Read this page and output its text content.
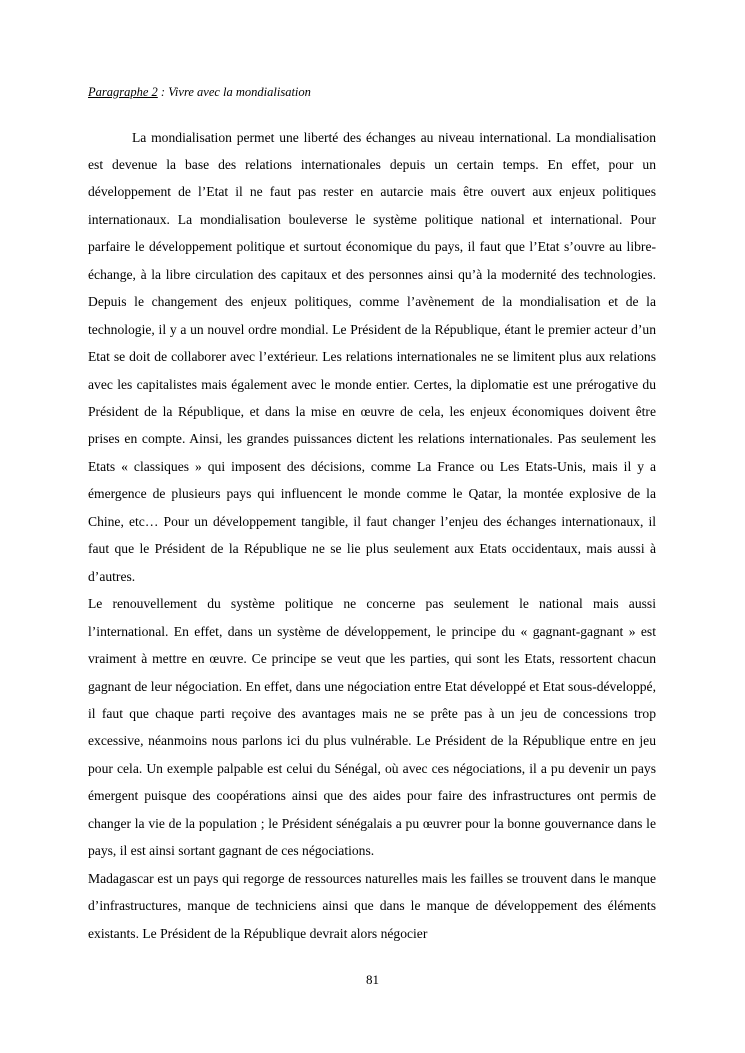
Paragraphe 2 : Vivre avec la mondialisation

La mondialisation permet une liberté des échanges au niveau international. La mondialisation est devenue la base des relations internationales depuis un certain temps. En effet, pour un développement de l’Etat il ne faut pas rester en autarcie mais être ouvert aux enjeux politiques internationaux. La mondialisation bouleverse le système politique national et international. Pour parfaire le développement politique et surtout économique du pays, il faut que l’Etat s’ouvre au libre-échange, à la libre circulation des capitaux et des personnes ainsi qu’à la modernité des technologies. Depuis le changement des enjeux politiques, comme l’avènement de la mondialisation et de la technologie, il y a un nouvel ordre mondial. Le Président de la République, étant le premier acteur d’un Etat se doit de collaborer avec l’extérieur. Les relations internationales ne se limitent plus aux relations avec les capitalistes mais également avec le monde entier. Certes, la diplomatie est une prérogative du Président de la République, et dans la mise en œuvre de cela, les enjeux économiques doivent être prises en compte. Ainsi, les grandes puissances dictent les relations internationales. Pas seulement les Etats « classiques » qui imposent des décisions, comme La France ou Les Etats-Unis, mais il y a émergence de plusieurs pays qui influencent le monde comme le Qatar, la montée explosive de la Chine, etc… Pour un développement tangible, il faut changer l’enjeu des échanges internationaux, il faut que le Président de la République ne se lie plus seulement aux Etats occidentaux, mais aussi à d’autres.

Le renouvellement du système politique ne concerne pas seulement le national mais aussi l’international. En effet, dans un système de développement, le principe du « gagnant-gagnant » est vraiment à mettre en œuvre. Ce principe se veut que les parties, qui sont les Etats, ressortent chacun gagnant de leur négociation. En effet, dans une négociation entre Etat développé et Etat sous-développé, il faut que chaque parti reçoive des avantages mais ne se prête pas à un jeu de concessions trop excessive, néanmoins nous parlons ici du plus vulnérable. Le Président de la République entre en jeu pour cela. Un exemple palpable est celui du Sénégal, où avec ces négociations, il a pu devenir un pays émergent puisque des coopérations ainsi que des aides pour faire des infrastructures ont permis de changer la vie de la population ; le Président sénégalais a pu œuvrer pour la bonne gouvernance dans le pays, il est ainsi sortant gagnant de ces négociations.

Madagascar est un pays qui regorge de ressources naturelles mais les failles se trouvent dans le manque d’infrastructures, manque de techniciens ainsi que dans le manque de développement des éléments existants. Le Président de la République devrait alors négocier

81
